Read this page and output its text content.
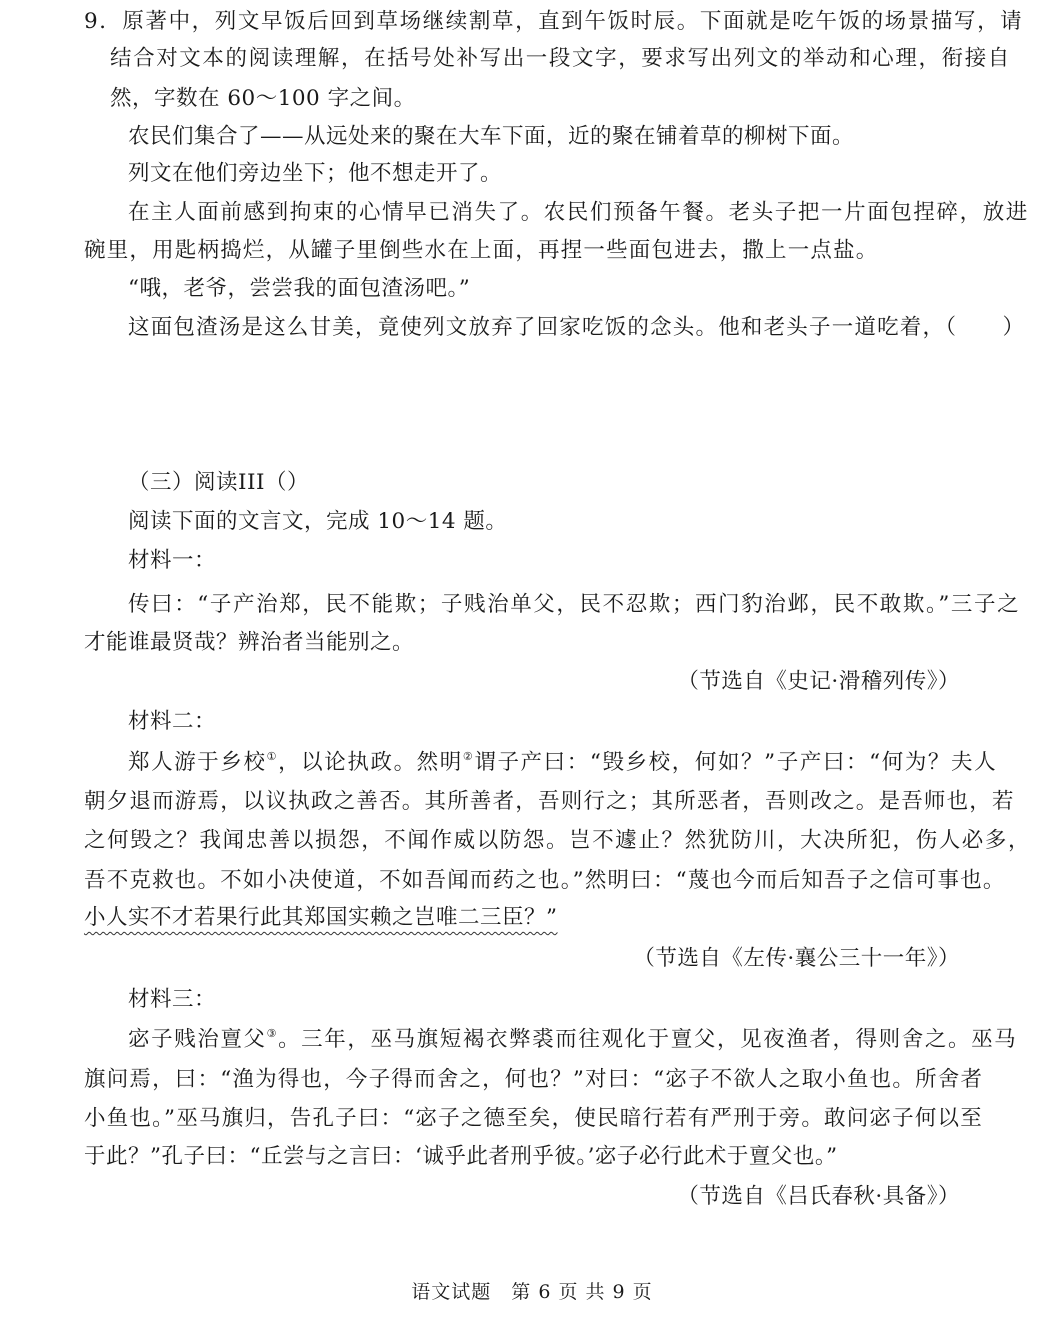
9．原著中，列文早饭后回到草场继续割草，直到午饭时辰。下面就是吃午饭的场景描写，请
结合对文本的阅读理解，在括号处补写出一段文字，要求写出列文的举动和心理，衔接自
然，字数在 60～100 字之间。
农民们集合了——从远处来的聚在大车下面，近的聚在铺着草的柳树下面。
列文在他们旁边坐下；他不想走开了。
在主人面前感到拘束的心情早已消失了。农民们预备午餐。老头子把一片面包捏碎，放进
碗里，用匙柄捣烂，从罐子里倒些水在上面，再捏一些面包进去，撒上一点盐。
“哦，老爷，尝尝我的面包渣汤吧。”
这面包渣汤是这么甘美，竟使列文放弃了回家吃饭的念头。他和老头子一道吃着，（　　）
（三）阅读III（）
阅读下面的文言文，完成 10～14 题。
材料一：
传曰：“子产治郑，民不能欺；子贱治单父，民不忍欺；西门豹治邺，民不敢欺。”三子之
才能谁最贤哉？辨治者当能别之。
（节选自《史记·滑稽列传》）
材料二：
郑人游于乡校①，以论执政。然明②谓子产曰：“毁乡校，何如？”子产曰：“何为？夫人
朝夕退而游焉，以议执政之善否。其所善者，吾则行之；其所恶者，吾则改之。是吾师也，若
之何毁之？我闻忠善以损怨，不闻作威以防怨。岂不遽止？然犹防川，大决所犯，伤人必多，
吾不克救也。不如小决使道，不如吾闻而药之也。”然明曰：“蔑也今而后知吾子之信可事也。
小人实不才若果行此其郑国实赖之岂唯二三臣？”
（节选自《左传·襄公三十一年》）
材料三：
宓子贱治亶父③。三年，巫马旗短褐衣弊裘而往观化于亶父，见夜渔者，得则舍之。巫马
旗问焉，曰：“渔为得也，今子得而舍之，何也？”对曰：“宓子不欲人之取小鱼也。所舍者
小鱼也。”巫马旗归，告孔子曰：“宓子之德至矣，使民暗行若有严刑于旁。敢问宓子何以至
于此？”孔子曰：“丘尝与之言曰：‘诚乎此者刑乎彼。’宓子必行此术于亶父也。”
（节选自《吕氏春秋·具备》）
语文试题　第 6 页 共 9 页
